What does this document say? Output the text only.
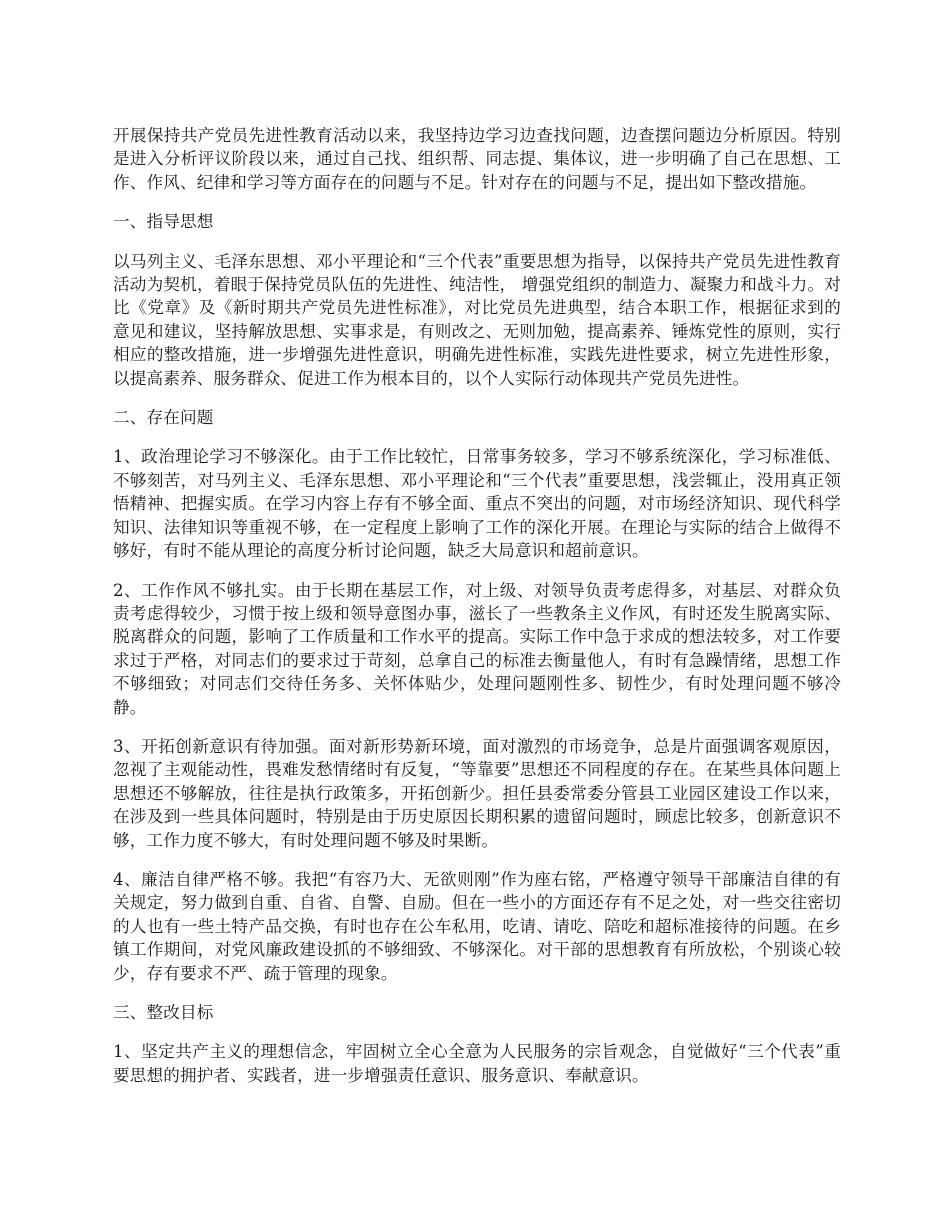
开展保持共产党员先进性教育活动以来，我坚持边学习边查找问题，边查摆问题边分析原因。特别是进入分析评议阶段以来，通过自己找、组织帮、同志提、集体议，进一步明确了自己在思想、工作、作风、纪律和学习等方面存在的问题与不足。针对存在的问题与不足，提出如下整改措施。

一、指导思想

以马列主义、毛泽东思想、邓小平理论和“三个代表”重要思想为指导，以保持共产党员先进性教育活动为契机，着眼于保持党员队伍的先进性、纯洁性， 增强党组织的制造力、凝聚力和战斗力。对比《党章》及《新时期共产党员先进性标准》，对比党员先进典型，结合本职工作，根据征求到的意见和建议，坚持解放思想、实事求是，有则改之、无则加勉，提高素养、锤炼党性的原则，实行相应的整改措施，进一步增强先进性意识，明确先进性标准，实践先进性要求，树立先进性形象，以提高素养、服务群众、促进工作为根本目的，以个人实际行动体现共产党员先进性。

二、存在问题

1、政治理论学习不够深化。由于工作比较忙，日常事务较多，学习不够系统深化，学习标准低、不够刻苦，对马列主义、毛泽东思想、邓小平理论和“三个代表”重要思想，浅尝辄止，没用真正领悟精神、把握实质。在学习内容上存有不够全面、重点不突出的问题，对市场经济知识、现代科学知识、法律知识等重视不够，在一定程度上影响了工作的深化开展。在理论与实际的结合上做得不够好，有时不能从理论的高度分析讨论问题，缺乏大局意识和超前意识。

2、工作作风不够扎实。由于长期在基层工作，对上级、对领导负责考虑得多，对基层、对群众负责考虑得较少，习惯于按上级和领导意图办事，滋长了一些教条主义作风，有时还发生脱离实际、脱离群众的问题，影响了工作质量和工作水平的提高。实际工作中急于求成的想法较多，对工作要求过于严格，对同志们的要求过于苛刻，总拿自己的标准去衡量他人，有时有急躁情绪，思想工作不够细致；对同志们交待任务多、关怀体贴少，处理问题刚性多、韧性少，有时处理问题不够冷静。

3、开拓创新意识有待加强。面对新形势新环境，面对激烈的市场竞争，总是片面强调客观原因，忽视了主观能动性，畏难发愁情绪时有反复，“等靠要”思想还不同程度的存在。在某些具体问题上思想还不够解放，往往是执行政策多，开拓创新少。担任县委常委分管县工业园区建设工作以来，在涉及到一些具体问题时，特别是由于历史原因长期积累的遗留问题时，顾虑比较多，创新意识不够，工作力度不够大，有时处理问题不够及时果断。

4、廉洁自律严格不够。我把“有容乃大、无欲则刚”作为座右铭，严格遵守领导干部廉洁自律的有关规定，努力做到自重、自省、自警、自励。但在一些小的方面还存有不足之处，对一些交往密切的人也有一些土特产品交换，有时也存在公车私用，吃请、请吃、陪吃和超标准接待的问题。在乡镇工作期间，对党风廉政建设抓的不够细致、不够深化。对干部的思想教育有所放松，个别谈心较少，存有要求不严、疏于管理的现象。

三、整改目标

1、坚定共产主义的理想信念，牢固树立全心全意为人民服务的宗旨观念，自觉做好“三个代表”重要思想的拥护者、实践者，进一步增强责任意识、服务意识、奉献意识。
